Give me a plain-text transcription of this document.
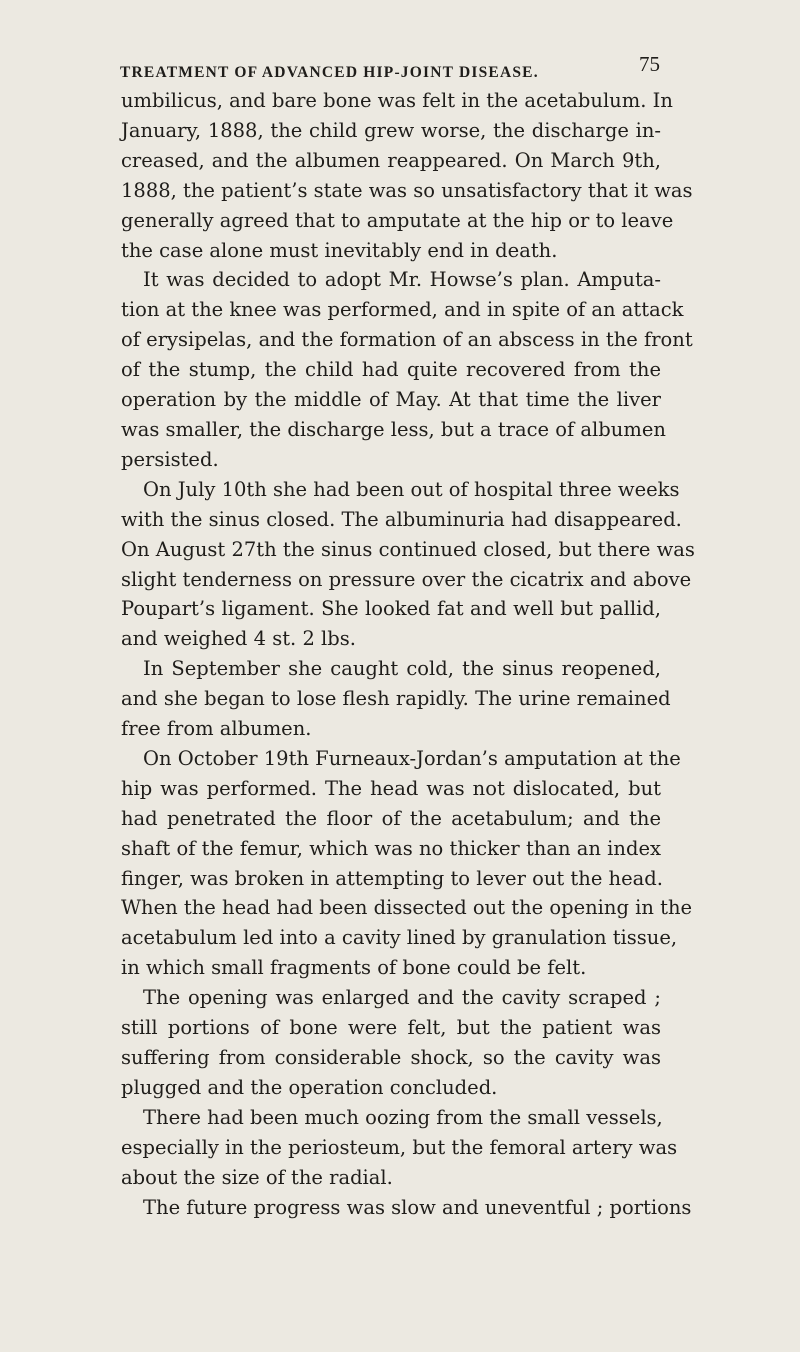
TREATMENT OF ADVANCED HIP-JOINT DISEASE.	75
umbilicus, and bare bone was felt in the acetabulum. In
January, 1888, the child grew worse, the discharge in-
creased, and the albumen reappeared. On March 9th,
1888, the patient’s state was so unsatisfactory that it was
generally agreed that to amputate at the hip or to leave
the case alone must inevitably end in death.
It was decided to adopt Mr. Howse’s plan. Amputa-
tion at the knee was performed, and in spite of an attack
of erysipelas, and the formation of an abscess in the front
of the stump, the child had quite recovered from the
operation by the middle of May. At that time the liver
was smaller, the discharge less, but a trace of albumen
persisted.
On July 10th she had been out of hospital three weeks
with the sinus closed. The albuminuria had disappeared.
On August 27th the sinus continued closed, but there was
slight tenderness on pressure over the cicatrix and above
Poupart’s ligament. She looked fat and well but pallid,
and weighed 4 st. 2 lbs.
In September she caught cold, the sinus reopened,
and she began to lose flesh rapidly. The urine remained
free from albumen.
On October 19th Furneaux-Jordan’s amputation at the
hip was performed. The head was not dislocated, but
had penetrated the floor of the acetabulum; and the
shaft of the femur, which was no thicker than an index
finger, was broken in attempting to lever out the head.
When the head had been dissected out the opening in the
acetabulum led into a cavity lined by granulation tissue,
in which small fragments of bone could be felt.
The opening was enlarged and the cavity scraped ;
still portions of bone were felt, but the patient was
suffering from considerable shock, so the cavity was
plugged and the operation concluded.
There had been much oozing from the small vessels,
especially in the periosteum, but the femoral artery was
about the size of the radial.
The future progress was slow and uneventful ; portions
